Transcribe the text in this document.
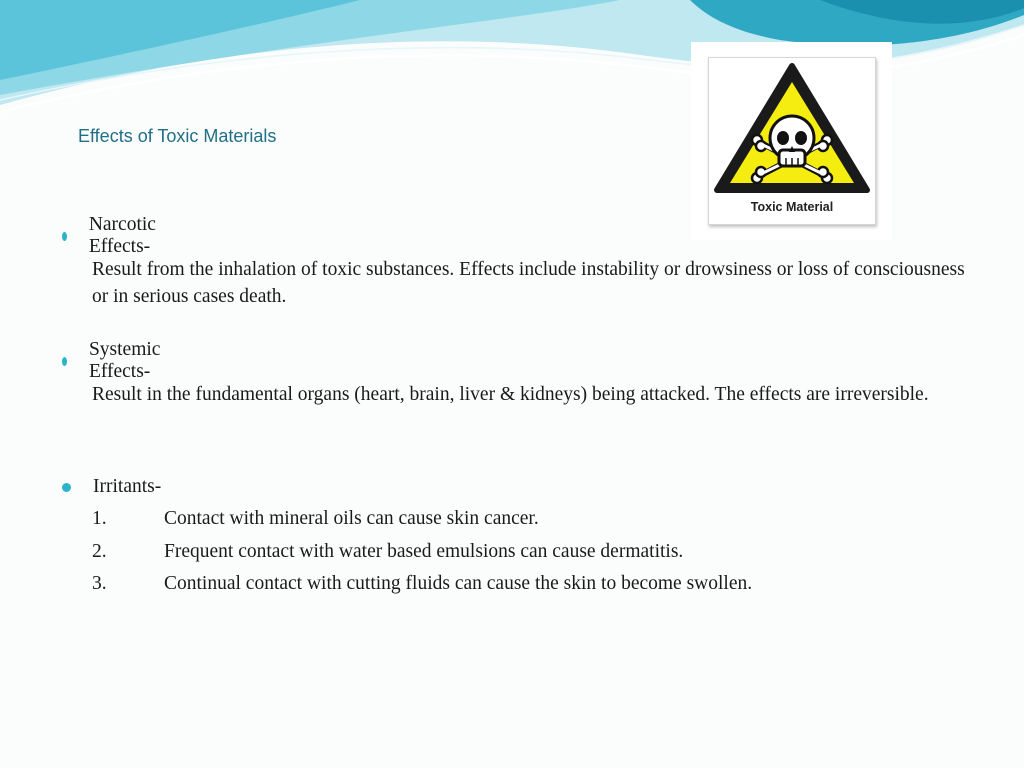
Effects of Toxic Materials
Toxic Material
Narcotic Effects-
Result from the inhalation of toxic substances. Effects include instability or drowsiness or loss of consciousness or in serious cases death.
Systemic Effects-
Result in the fundamental organs (heart, brain, liver & kidneys) being attacked. The effects are irreversible.
Irritants-
1.	Contact with mineral oils can cause skin cancer.
2.	Frequent contact with water based emulsions can cause dermatitis.
3.	Continual contact with cutting fluids can cause the skin to become swollen.
